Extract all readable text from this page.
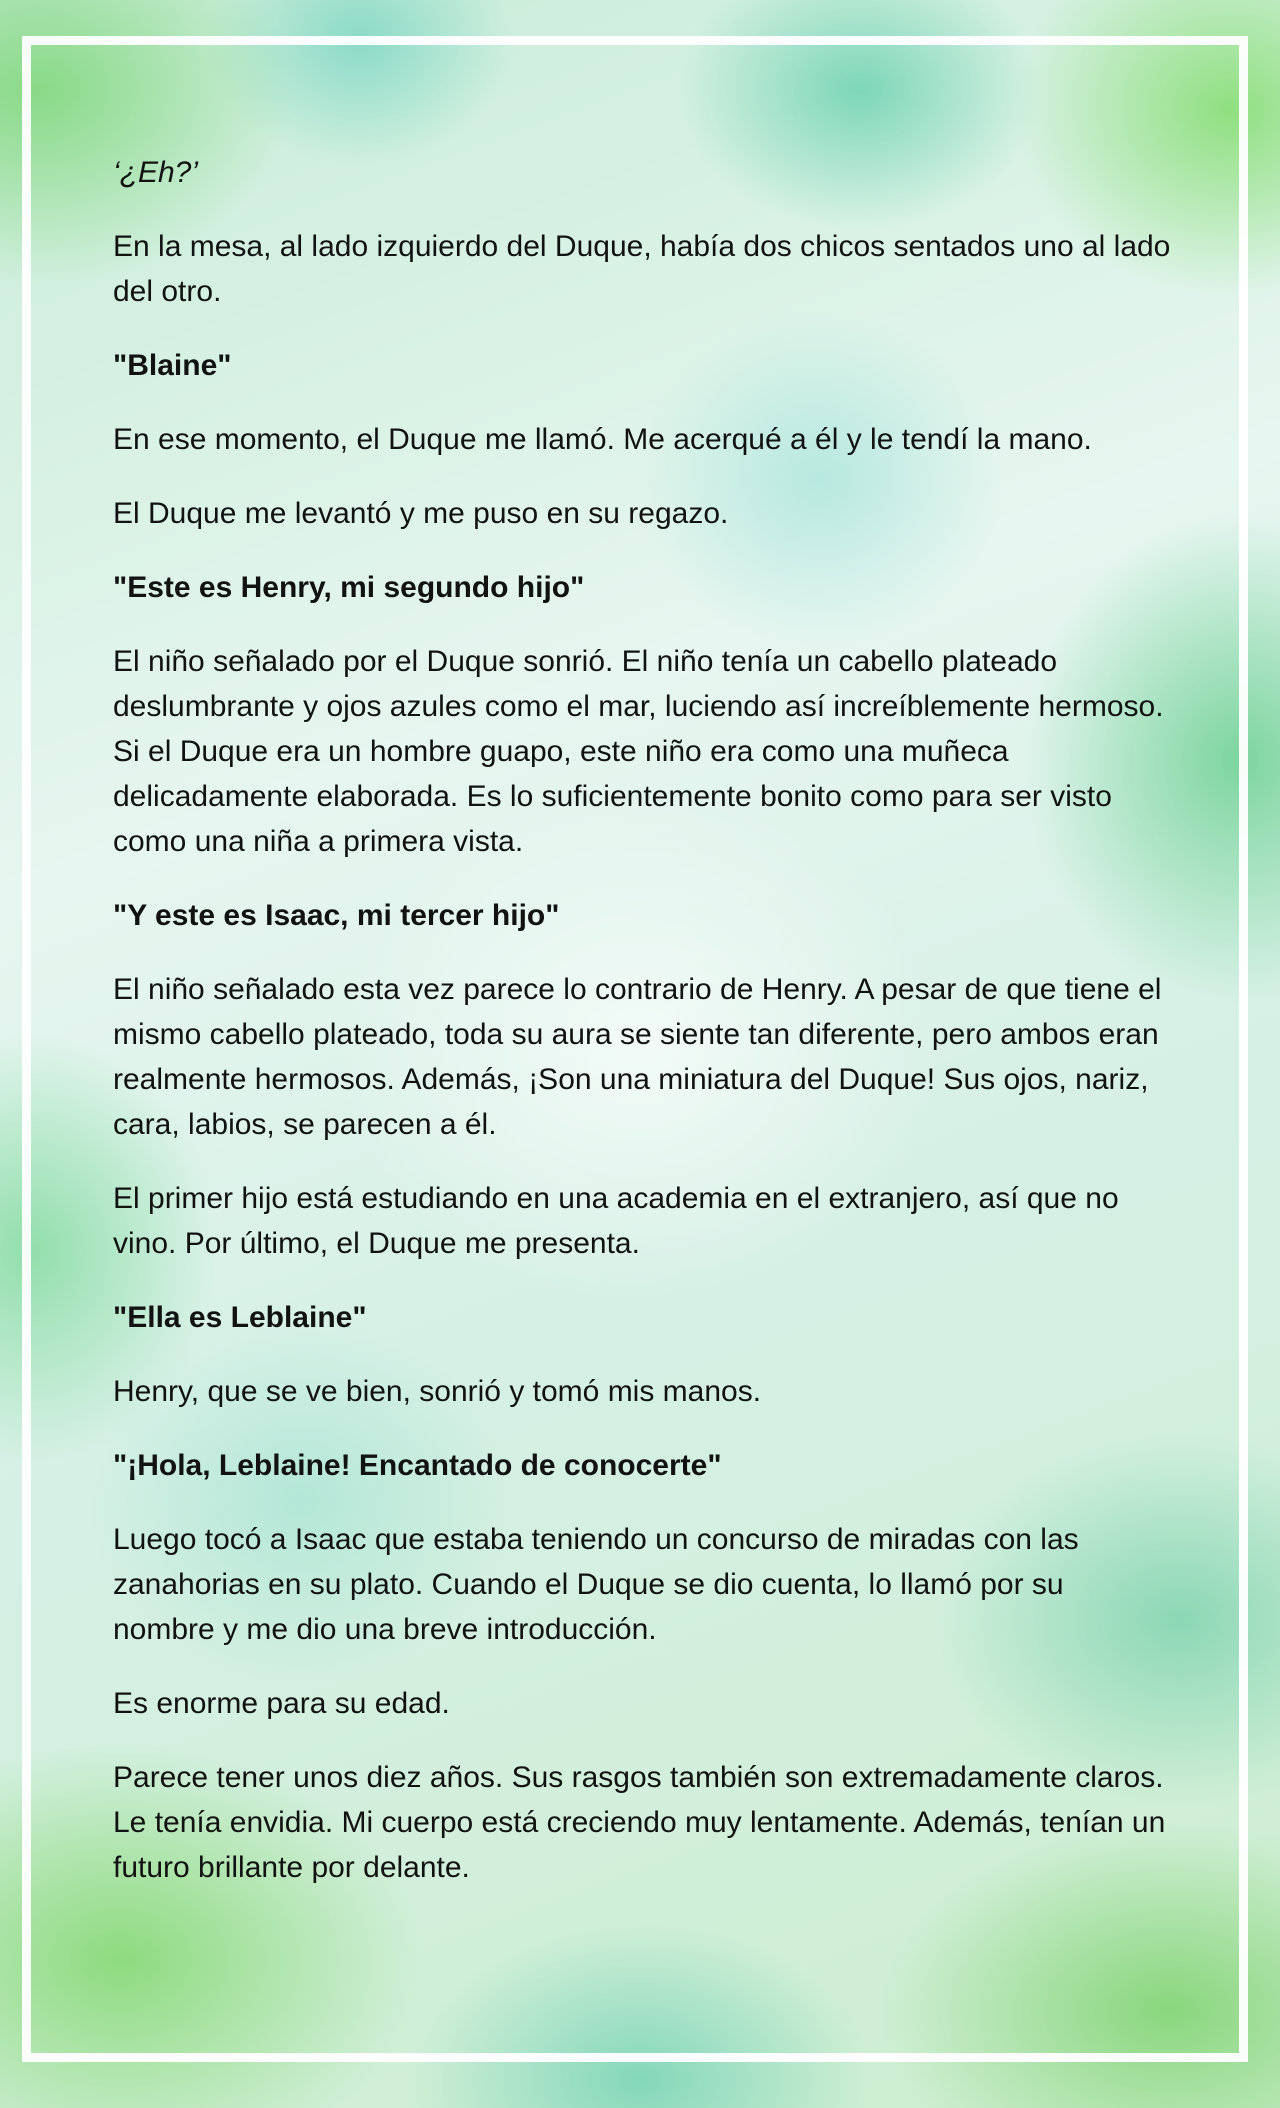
‘¿Eh?’

En la mesa, al lado izquierdo del Duque, había dos chicos sentados uno al lado del otro.

"Blaine"

En ese momento, el Duque me llamó. Me acerqué a él y le tendí la mano.

El Duque me levantó y me puso en su regazo.

"Este es Henry, mi segundo hijo"

El niño señalado por el Duque sonrió. El niño tenía un cabello plateado deslumbrante y ojos azules como el mar, luciendo así increíblemente hermoso. Si el Duque era un hombre guapo, este niño era como una muñeca delicadamente elaborada. Es lo suficientemente bonito como para ser visto como una niña a primera vista.

"Y este es Isaac, mi tercer hijo"

El niño señalado esta vez parece lo contrario de Henry. A pesar de que tiene el mismo cabello plateado, toda su aura se siente tan diferente, pero ambos eran realmente hermosos. Además, ¡Son una miniatura del Duque! Sus ojos, nariz, cara, labios, se parecen a él.

El primer hijo está estudiando en una academia en el extranjero, así que no vino. Por último, el Duque me presenta.

"Ella es Leblaine"

Henry, que se ve bien, sonrió y tomó mis manos.

"¡Hola, Leblaine! Encantado de conocerte"

Luego tocó a Isaac que estaba teniendo un concurso de miradas con las zanahorias en su plato. Cuando el Duque se dio cuenta, lo llamó por su nombre y me dio una breve introducción.

Es enorme para su edad.

Parece tener unos diez años. Sus rasgos también son extremadamente claros. Le tenía envidia. Mi cuerpo está creciendo muy lentamente. Además, tenían un futuro brillante por delante.
